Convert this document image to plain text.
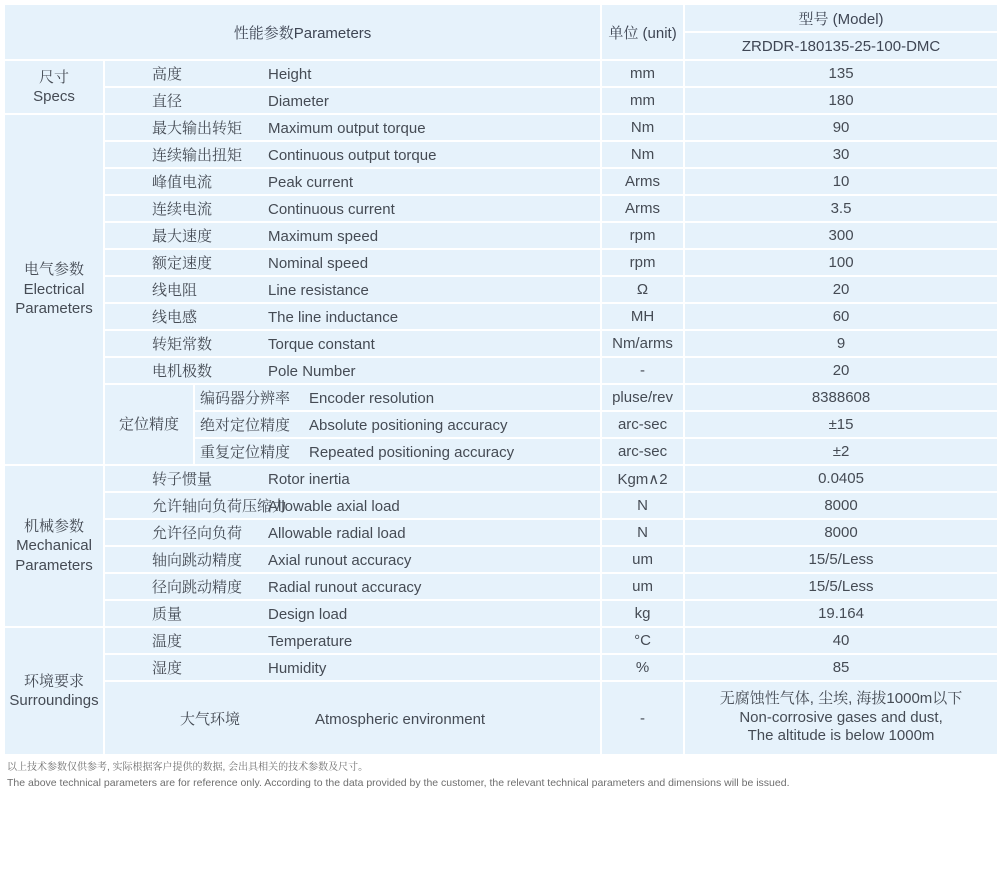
性能参数Parameters			单位 (unit)	型号 (Model)
				ZRDDR-180135-25-100-DMC

尺寸
Specs	高度 Height		mm	135
	直径 Diameter		mm	180

电气参数
Electrical Parameters	最大输出转矩 Maximum output torque		Nm	90
	连续输出扭矩 Continuous output torque		Nm	30
	峰值电流 Peak current		Arms	10
	连续电流 Continuous current		Arms	3.5
	最大速度 Maximum speed		rpm	300
	额定速度 Nominal speed		rpm	100
	线电阻 Line resistance		Ω	20
	线电感 The line inductance		MH	60
	转矩常数 Torque constant		Nm/arms	9
	电机极数 Pole Number		-	20
	定位精度	编码器分辨率 Encoder resolution	pluse/rev	8388608
		绝对定位精度 Absolute positioning accuracy	arc-sec	±15
		重复定位精度 Repeated positioning accuracy	arc-sec	±2

机械参数
Mechanical Parameters	转子惯量 Rotor inertia		Kgm∧2	0.0405
	允许轴向负荷压缩力Allowable axial load		N	8000
	允许径向负荷 Allowable radial load		N	8000
	轴向跳动精度 Axial runout accuracy		um	15/5/Less
	径向跳动精度 Radial runout accuracy		um	15/5/Less
	质量 Design load		kg	19.164

环境要求
Surroundings	温度 Temperature		°C	40
	湿度 Humidity		%	85
	大气环境 Atmospheric environment		-	无腐蚀性气体, 尘埃, 海拔1000m以下
Non-corrosive gases and dust,
The altitude is below 1000m
以上技术参数仅供参考, 实际根据客户提供的数据, 会出具相关的技术参数及尺寸。
The above technical parameters are for reference only. According to the data provided by the customer, the relevant technical parameters and dimensions will be issued.
